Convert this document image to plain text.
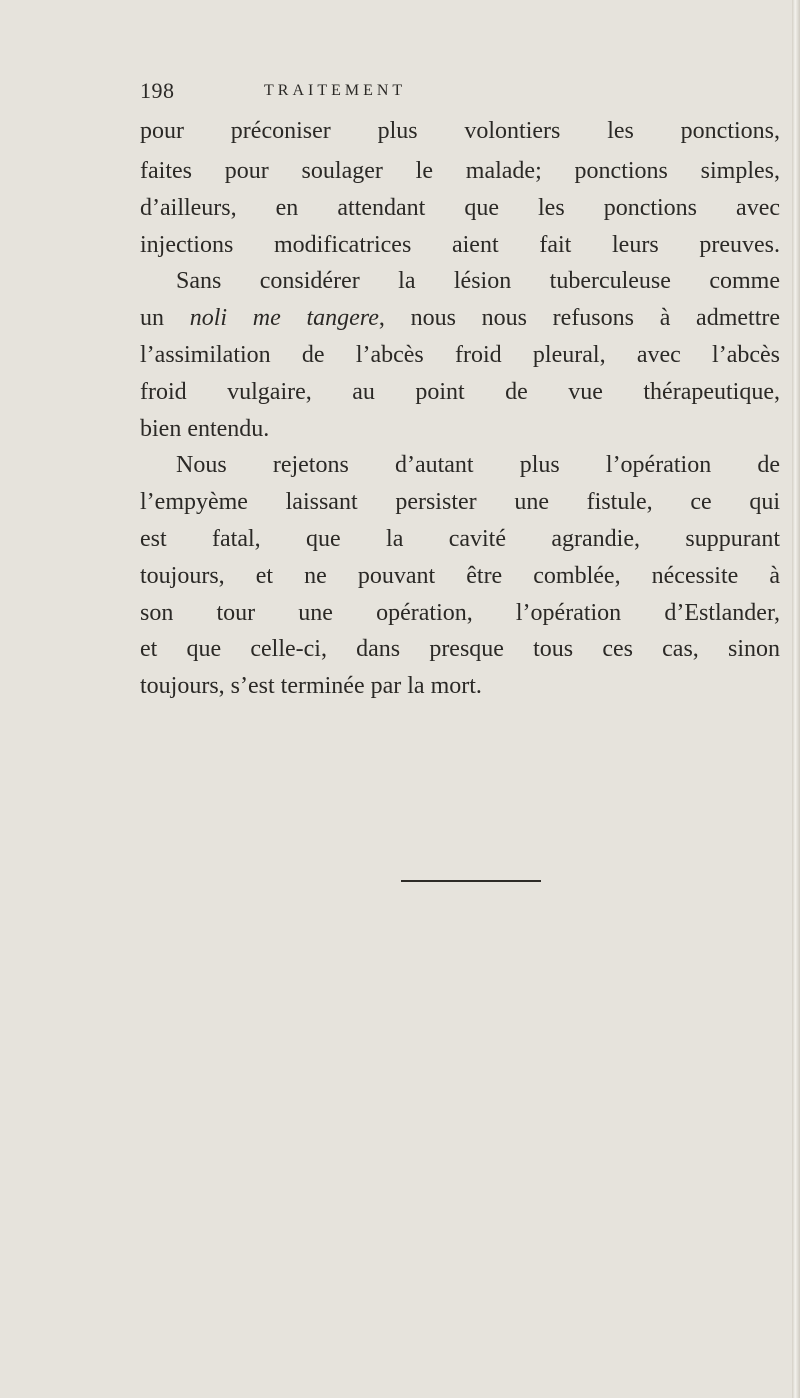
198	TRAITEMENT
pour préconiser plus volontiers les ponctions,
faites pour soulager le malade; ponctions simples,
d’ailleurs, en attendant que les ponctions avec
injections modificatrices aient fait leurs preuves.
Sans considérer la lésion tuberculeuse comme
un noli me tangere, nous nous refusons à admettre
l’assimilation de l’abcès froid pleural, avec l’abcès
froid vulgaire, au point de vue thérapeutique,
bien entendu.
Nous rejetons d’autant plus l’opération de
l’empyème laissant persister une fistule, ce qui
est fatal, que la cavité agrandie, suppurant
toujours, et ne pouvant être comblée, nécessite à
son tour une opération, l’opération d’Estlander,
et que celle-ci, dans presque tous ces cas, sinon
toujours, s’est terminée par la mort.
